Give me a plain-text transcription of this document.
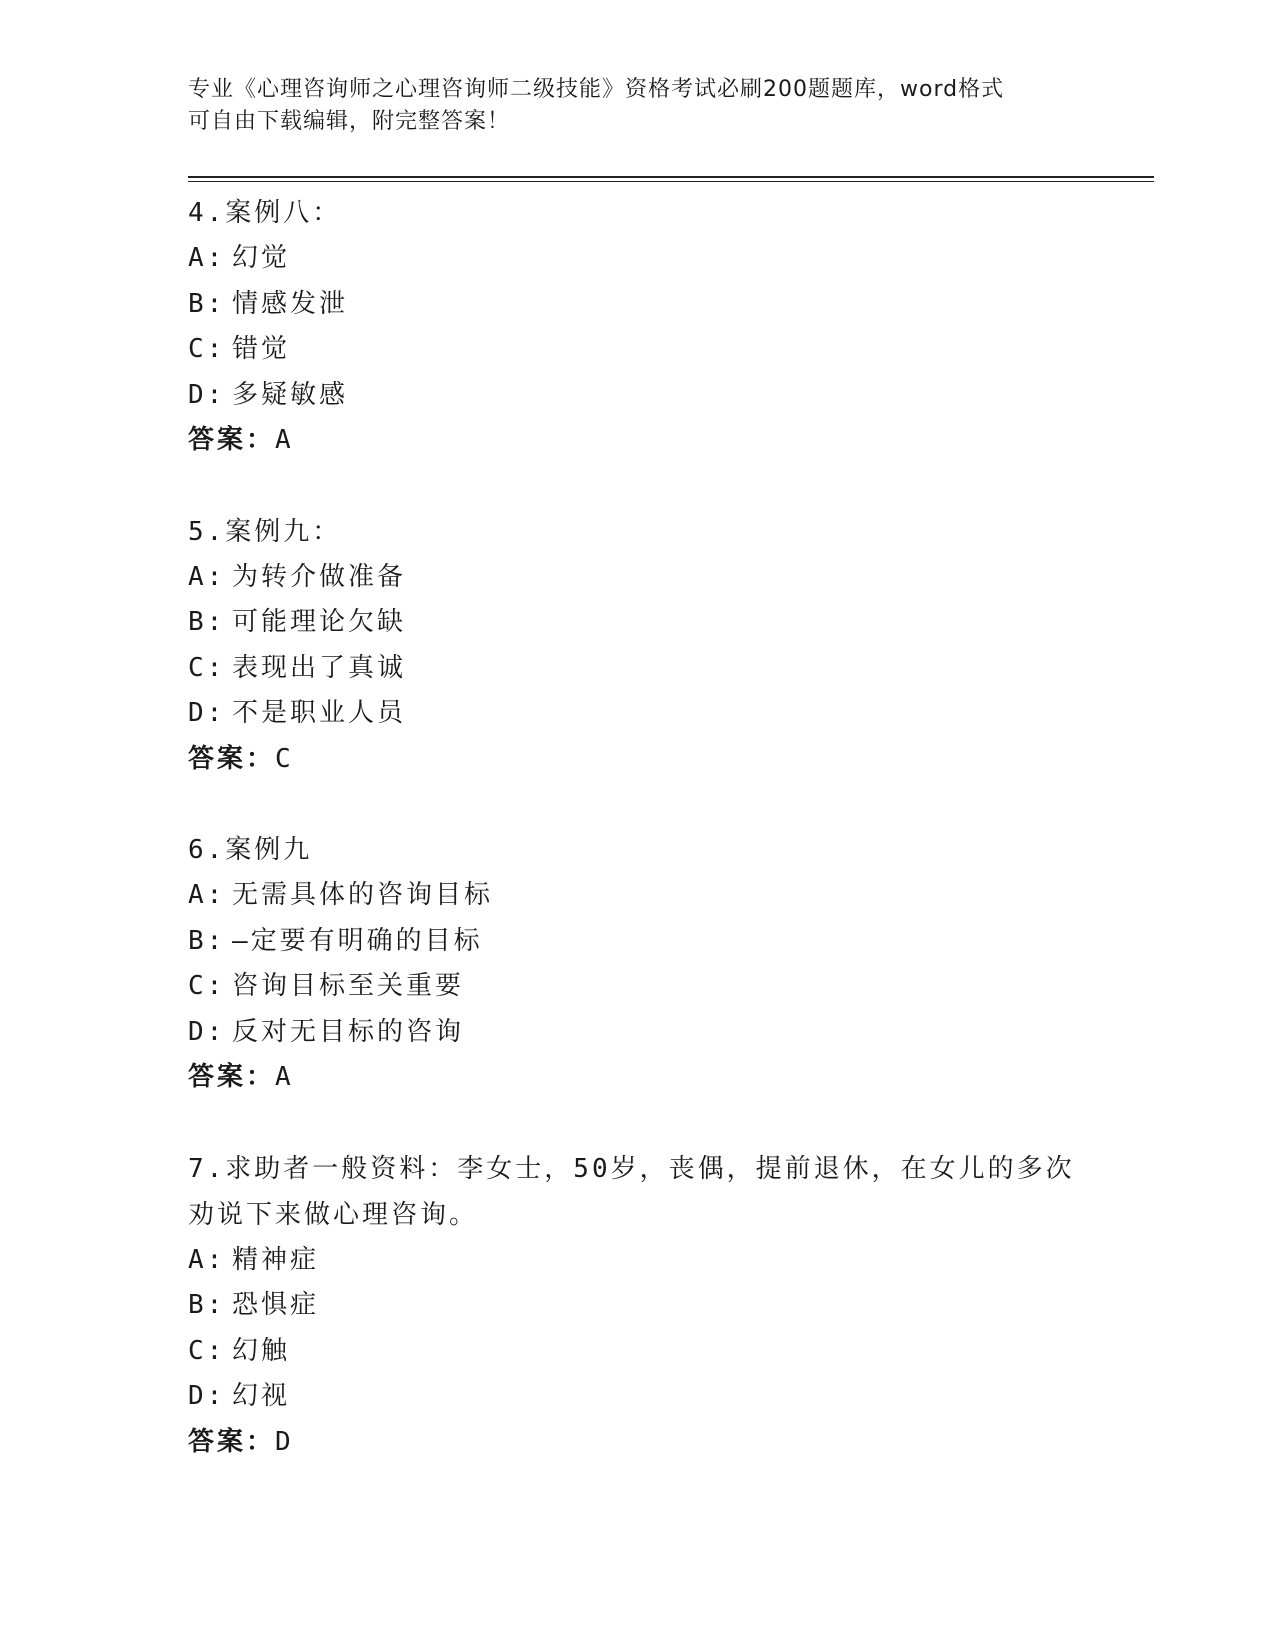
专业《心理咨询师之心理咨询师二级技能》资格考试必刷200题题库，word格式
可自由下载编辑，附完整答案！
4.案例八：
A: 幻觉
B: 情感发泄
C: 错觉
D: 多疑敏感
答案：A
5.案例九：
A: 为转介做准备
B: 可能理论欠缺
C: 表现出了真诚
D: 不是职业人员
答案：C
6.案例九
A: 无需具体的咨询目标
B: —定要有明确的目标
C: 咨询目标至关重要
D: 反对无目标的咨询
答案：A
7.求助者一般资料：李女士，50岁，丧偶，提前退休，在女儿的多次
劝说下来做心理咨询。
A: 精神症
B: 恐惧症
C: 幻触
D: 幻视
答案：D
